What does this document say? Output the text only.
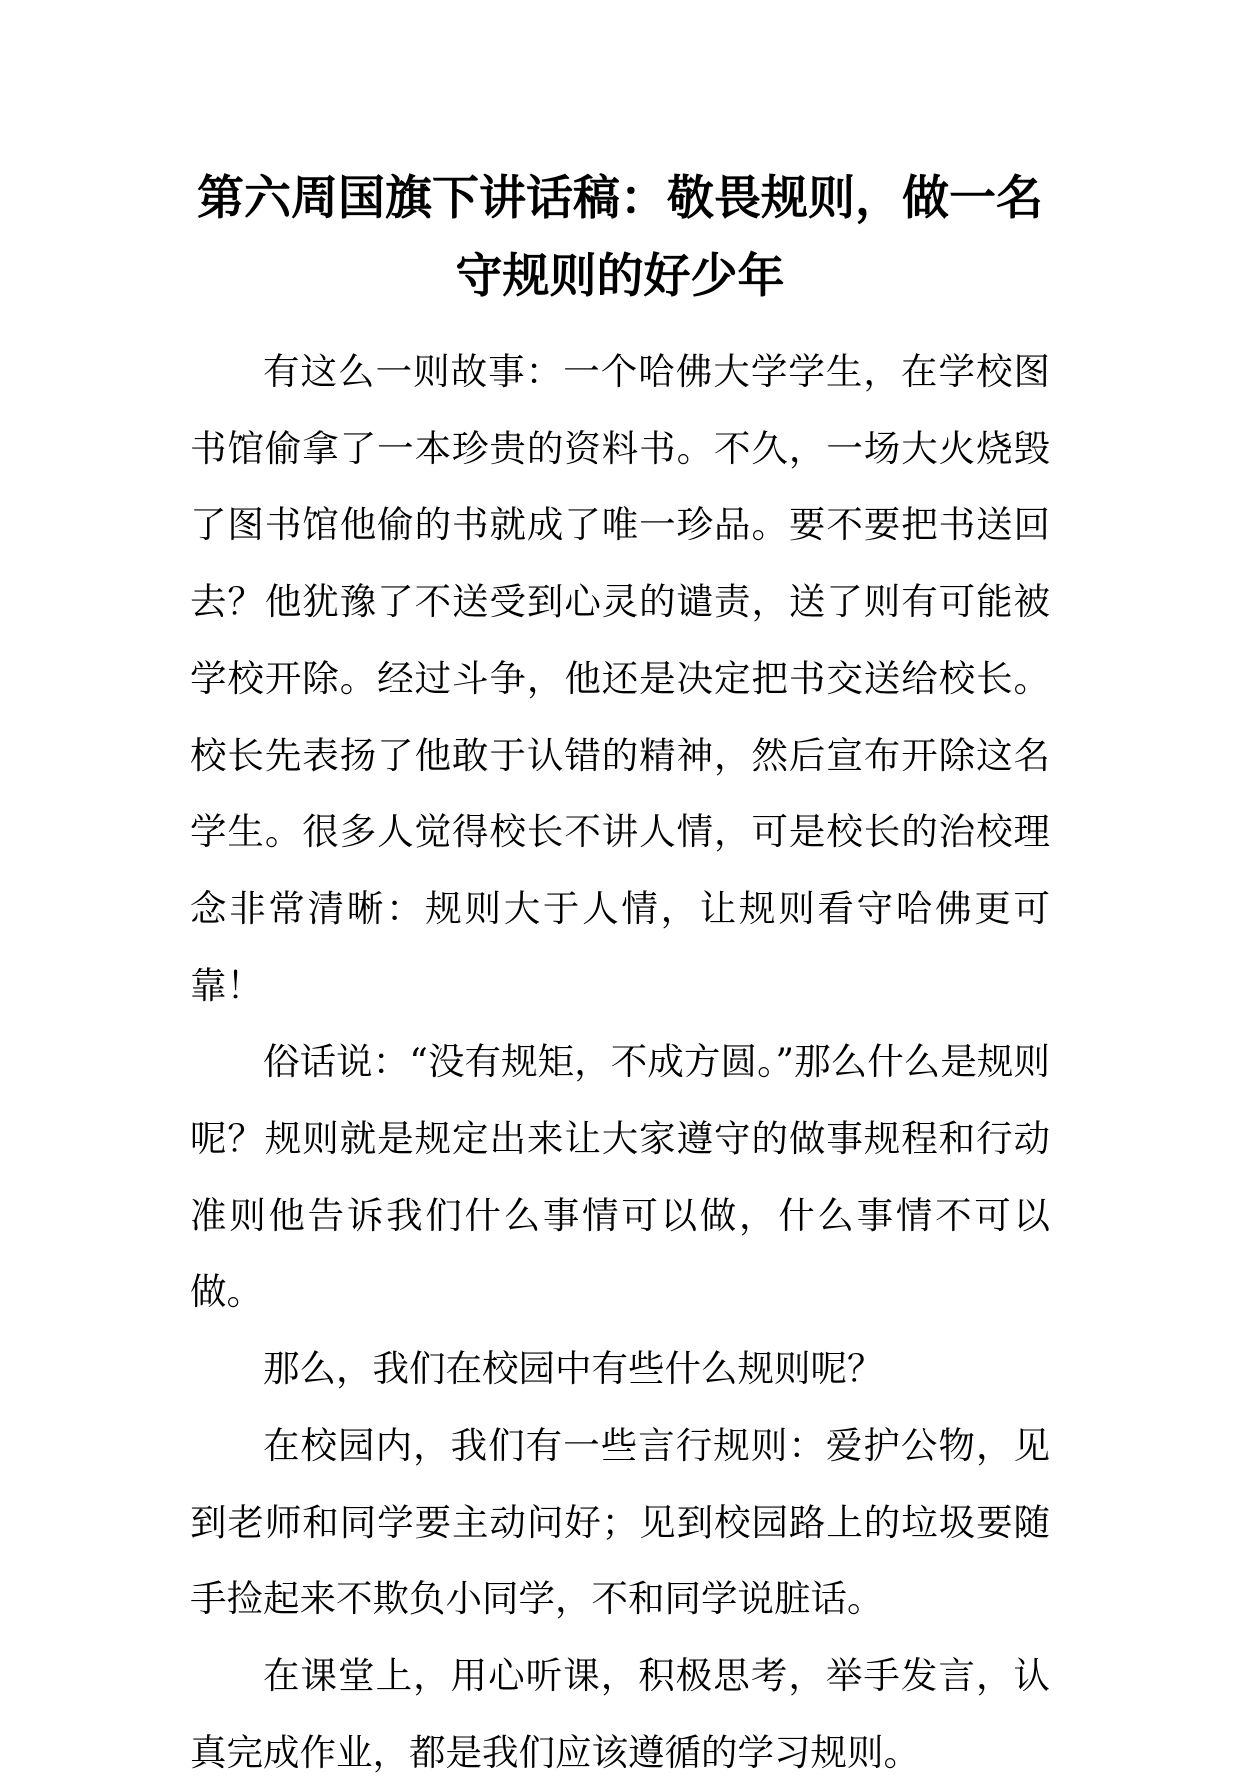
第六周国旗下讲话稿：敬畏规则，做一名守规则的好少年

有这么一则故事：一个哈佛大学学生，在学校图书馆偷拿了一本珍贵的资料书。不久，一场大火烧毁了图书馆他偷的书就成了唯一珍品。要不要把书送回去？他犹豫了不送受到心灵的谴责，送了则有可能被学校开除。经过斗争，他还是决定把书交送给校长。校长先表扬了他敢于认错的精神，然后宣布开除这名学生。很多人觉得校长不讲人情，可是校长的治校理念非常清晰：规则大于人情，让规则看守哈佛更可靠！

俗话说：“没有规矩，不成方圆。”那么什么是规则呢？规则就是规定出来让大家遵守的做事规程和行动准则他告诉我们什么事情可以做，什么事情不可以做。

那么，我们在校园中有些什么规则呢？

在校园内，我们有一些言行规则：爱护公物，见到老师和同学要主动问好；见到校园路上的垃圾要随手捡起来不欺负小同学，不和同学说脏话。

在课堂上，用心听课，积极思考，举手发言，认真完成作业，都是我们应该遵循的学习规则。
